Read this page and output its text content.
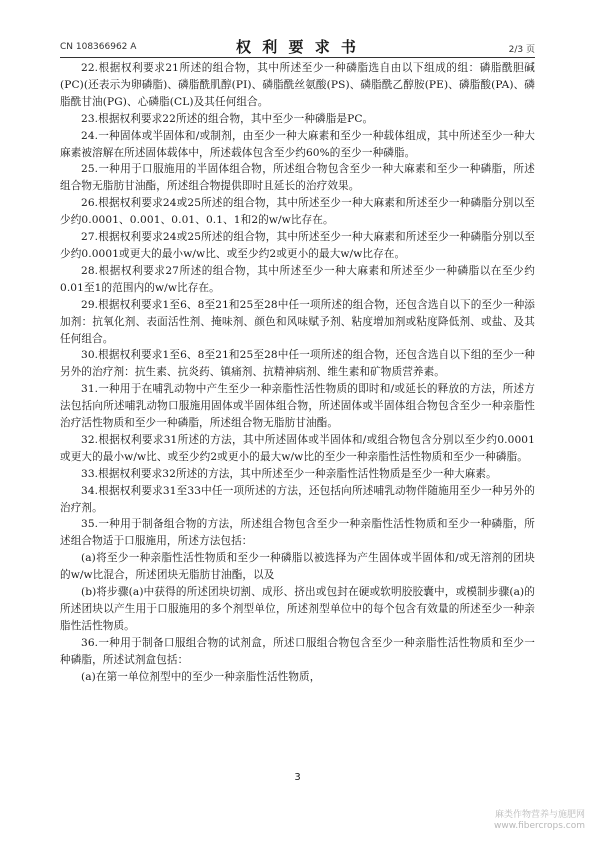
CN 108366962 A	权 利 要 求 书	2/3 页

22.根据权利要求21所述的组合物，其中所述至少一种磷脂选自由以下组成的组：磷脂酰胆碱(PC)(还表示为卵磷脂)、磷脂酰肌醇(PI)、磷脂酰丝氨酸(PS)、磷脂酰乙醇胺(PE)、磷脂酸(PA)、磷脂酰甘油(PG)、心磷脂(CL)及其任何组合。

23.根据权利要求22所述的组合物，其中至少一种磷脂是PC。

24.一种固体或半固体和/或制剂，由至少一种大麻素和至少一种载体组成，其中所述至少一种大麻素被溶解在所述固体载体中，所述载体包含至少约60%的至少一种磷脂。

25.一种用于口服施用的半固体组合物，所述组合物包含至少一种大麻素和至少一种磷脂，所述组合物无脂肪甘油酯，所述组合物提供即时且延长的治疗效果。

26.根据权利要求24或25所述的组合物，其中所述至少一种大麻素和所述至少一种磷脂分别以至少约0.0001、0.001、0.01、0.1、1和2的w/w比存在。

27.根据权利要求24或25所述的组合物，其中所述至少一种大麻素和所述至少一种磷脂分别以至少约0.0001或更大的最小w/w比、或至少约2或更小的最大w/w比存在。

28.根据权利要求27所述的组合物，其中所述至少一种大麻素和所述至少一种磷脂以在至少约0.01至1的范围内的w/w比存在。

29.根据权利要求1至6、8至21和25至28中任一项所述的组合物，还包含选自以下的至少一种添加剂：抗氧化剂、表面活性剂、掩味剂、颜色和风味赋予剂、粘度增加剂或粘度降低剂、或盐、及其任何组合。

30.根据权利要求1至6、8至21和25至28中任一项所述的组合物，还包含选自以下组的至少一种另外的治疗剂：抗生素、抗炎药、镇痛剂、抗精神病剂、维生素和矿物质营养素。

31.一种用于在哺乳动物中产生至少一种亲脂性活性物质的即时和/或延长的释放的方法，所述方法包括向所述哺乳动物口服施用固体或半固体组合物，所述固体或半固体组合物包含至少一种亲脂性治疗活性物质和至少一种磷脂，所述组合物无脂肪甘油酯。

32.根据权利要求31所述的方法，其中所述固体或半固体和/或组合物包含分别以至少约0.0001或更大的最小w/w比、或至少约2或更小的最大w/w比的至少一种亲脂性活性物质和至少一种磷脂。

33.根据权利要求32所述的方法，其中所述至少一种亲脂性活性物质是至少一种大麻素。

34.根据权利要求31至33中任一项所述的方法，还包括向所述哺乳动物伴随施用至少一种另外的治疗剂。

35.一种用于制备组合物的方法，所述组合物包含至少一种亲脂性活性物质和至少一种磷脂，所述组合物适于口服施用，所述方法包括：

(a)将至少一种亲脂性活性物质和至少一种磷脂以被选择为产生固体或半固体和/或无溶剂的团块的w/w比混合，所述团块无脂肪甘油酯，以及

(b)将步骤(a)中获得的所述团块切割、成形、挤出或包封在硬或软明胶胶囊中，或模制步骤(a)的所述团块以产生用于口服施用的多个剂型单位，所述剂型单位中的每个包含有效量的所述至少一种亲脂性活性物质。

36.一种用于制备口服组合物的试剂盒，所述口服组合物包含至少一种亲脂性活性物质和至少一种磷脂，所述试剂盒包括：

(a)在第一单位剂型中的至少一种亲脂性活性物质，

3
麻类作物营养与施肥网
www.fibercrops.com
